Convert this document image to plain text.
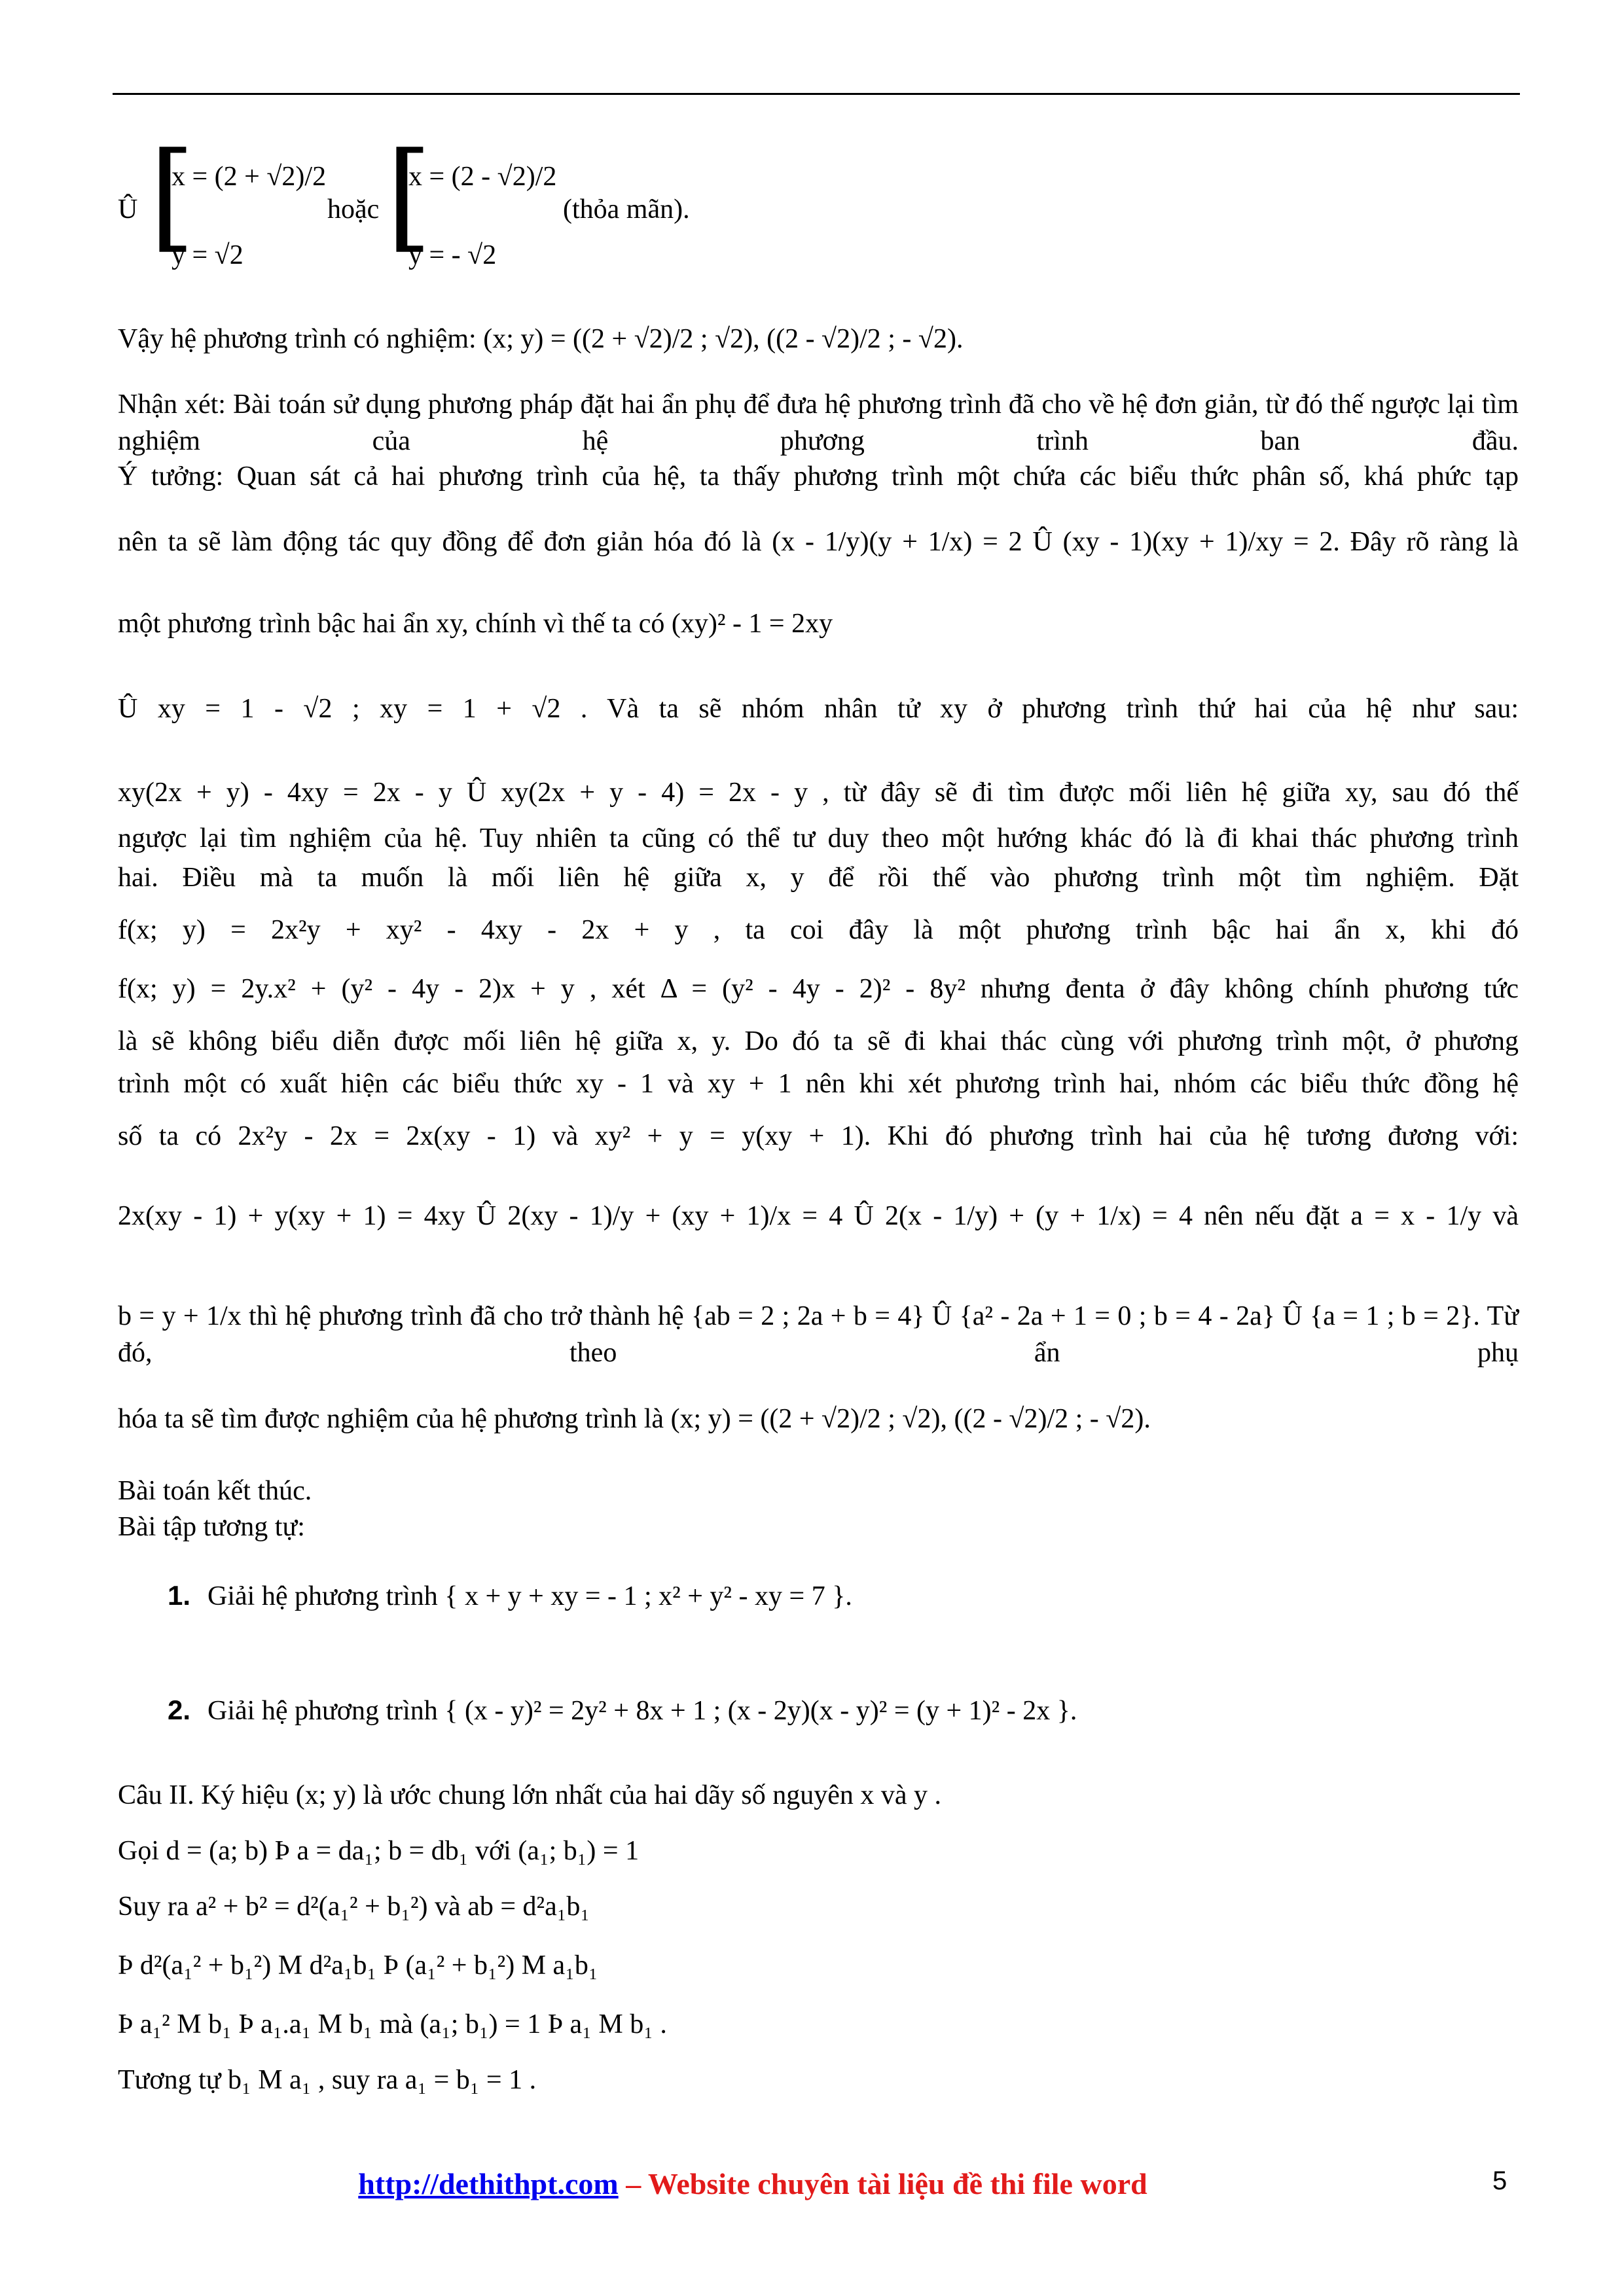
Û [
x = (2 + √2)/2
y = √2
hoặc [
x = (2 - √2)/2
y = - √2
(thỏa mãn).
Vậy hệ phương trình có nghiệm: (x; y) = ((2 + √2)/2 ; √2), ((2 - √2)/2 ; - √2).
Nhận xét: Bài toán sử dụng phương pháp đặt hai ẩn phụ để đưa hệ phương trình đã cho về hệ đơn giản, từ đó thế ngược lại tìm nghiệm của hệ phương trình ban đầu.
Ý tưởng: Quan sát cả hai phương trình của hệ, ta thấy phương trình một chứa các biểu thức phân số, khá phức tạp
nên ta sẽ làm động tác quy đồng để đơn giản hóa đó là (x - 1/y)(y + 1/x) = 2 Û (xy - 1)(xy + 1)/xy = 2. Đây rõ ràng là
một phương trình bậc hai ẩn xy, chính vì thế ta có (xy)² - 1 = 2xy
Û xy = 1 - √2 ; xy = 1 + √2 . Và ta sẽ nhóm nhân tử xy ở phương trình thứ hai của hệ như sau:
xy(2x + y) - 4xy = 2x - y Û xy(2x + y - 4) = 2x - y , từ đây sẽ đi tìm được mối liên hệ giữa xy, sau đó thế
ngược lại tìm nghiệm của hệ. Tuy nhiên ta cũng có thể tư duy theo một hướng khác đó là đi khai thác phương trình
hai. Điều mà ta muốn là mối liên hệ giữa x, y để rồi thế vào phương trình một tìm nghiệm. Đặt
f(x; y) = 2x²y + xy² - 4xy - 2x + y , ta coi đây là một phương trình bậc hai ẩn x, khi đó
f(x; y) = 2y.x² + (y² - 4y - 2)x + y , xét Δ = (y² - 4y - 2)² - 8y² nhưng đenta ở đây không chính phương tức
là sẽ không biểu diễn được mối liên hệ giữa x, y. Do đó ta sẽ đi khai thác cùng với phương trình một, ở phương
trình một có xuất hiện các biểu thức xy - 1 và xy + 1 nên khi xét phương trình hai, nhóm các biểu thức đồng hệ
số ta có 2x²y - 2x = 2x(xy - 1) và xy² + y = y(xy + 1). Khi đó phương trình hai của hệ tương đương với:
2x(xy - 1) + y(xy + 1) = 4xy Û 2(xy - 1)/y + (xy + 1)/x = 4 Û 2(x - 1/y) + (y + 1/x) = 4 nên nếu đặt a = x - 1/y và
b = y + 1/x thì hệ phương trình đã cho trở thành hệ {ab = 2 ; 2a + b = 4} Û {a² - 2a + 1 = 0 ; b = 4 - 2a} Û {a = 1 ; b = 2}. Từ đó, theo ẩn phụ
hóa ta sẽ tìm được nghiệm của hệ phương trình là (x; y) = ((2 + √2)/2 ; √2), ((2 - √2)/2 ; - √2).
Bài toán kết thúc.
Bài tập tương tự:
1. Giải hệ phương trình { x + y + xy = - 1 ; x² + y² - xy = 7 }.
2. Giải hệ phương trình { (x - y)² = 2y² + 8x + 1 ; (x - 2y)(x - y)² = (y + 1)² - 2x }.
Câu II. Ký hiệu (x; y) là ước chung lớn nhất của hai dãy số nguyên x và y .
Gọi d = (a; b) Þ a = da₁; b = db₁ với (a₁; b₁) = 1
Suy ra a² + b² = d²(a₁² + b₁²) và ab = d²a₁b₁
Þ d²(a₁² + b₁²) M d²a₁b₁ Þ (a₁² + b₁²) M a₁b₁
Þ a₁² M b₁ Þ a₁.a₁ M b₁ mà (a₁; b₁) = 1 Þ a₁ M b₁ .
Tương tự b₁ M a₁ , suy ra a₁ = b₁ = 1 .
http://dethithpt.com – Website chuyên tài liệu đề thi file word	5
